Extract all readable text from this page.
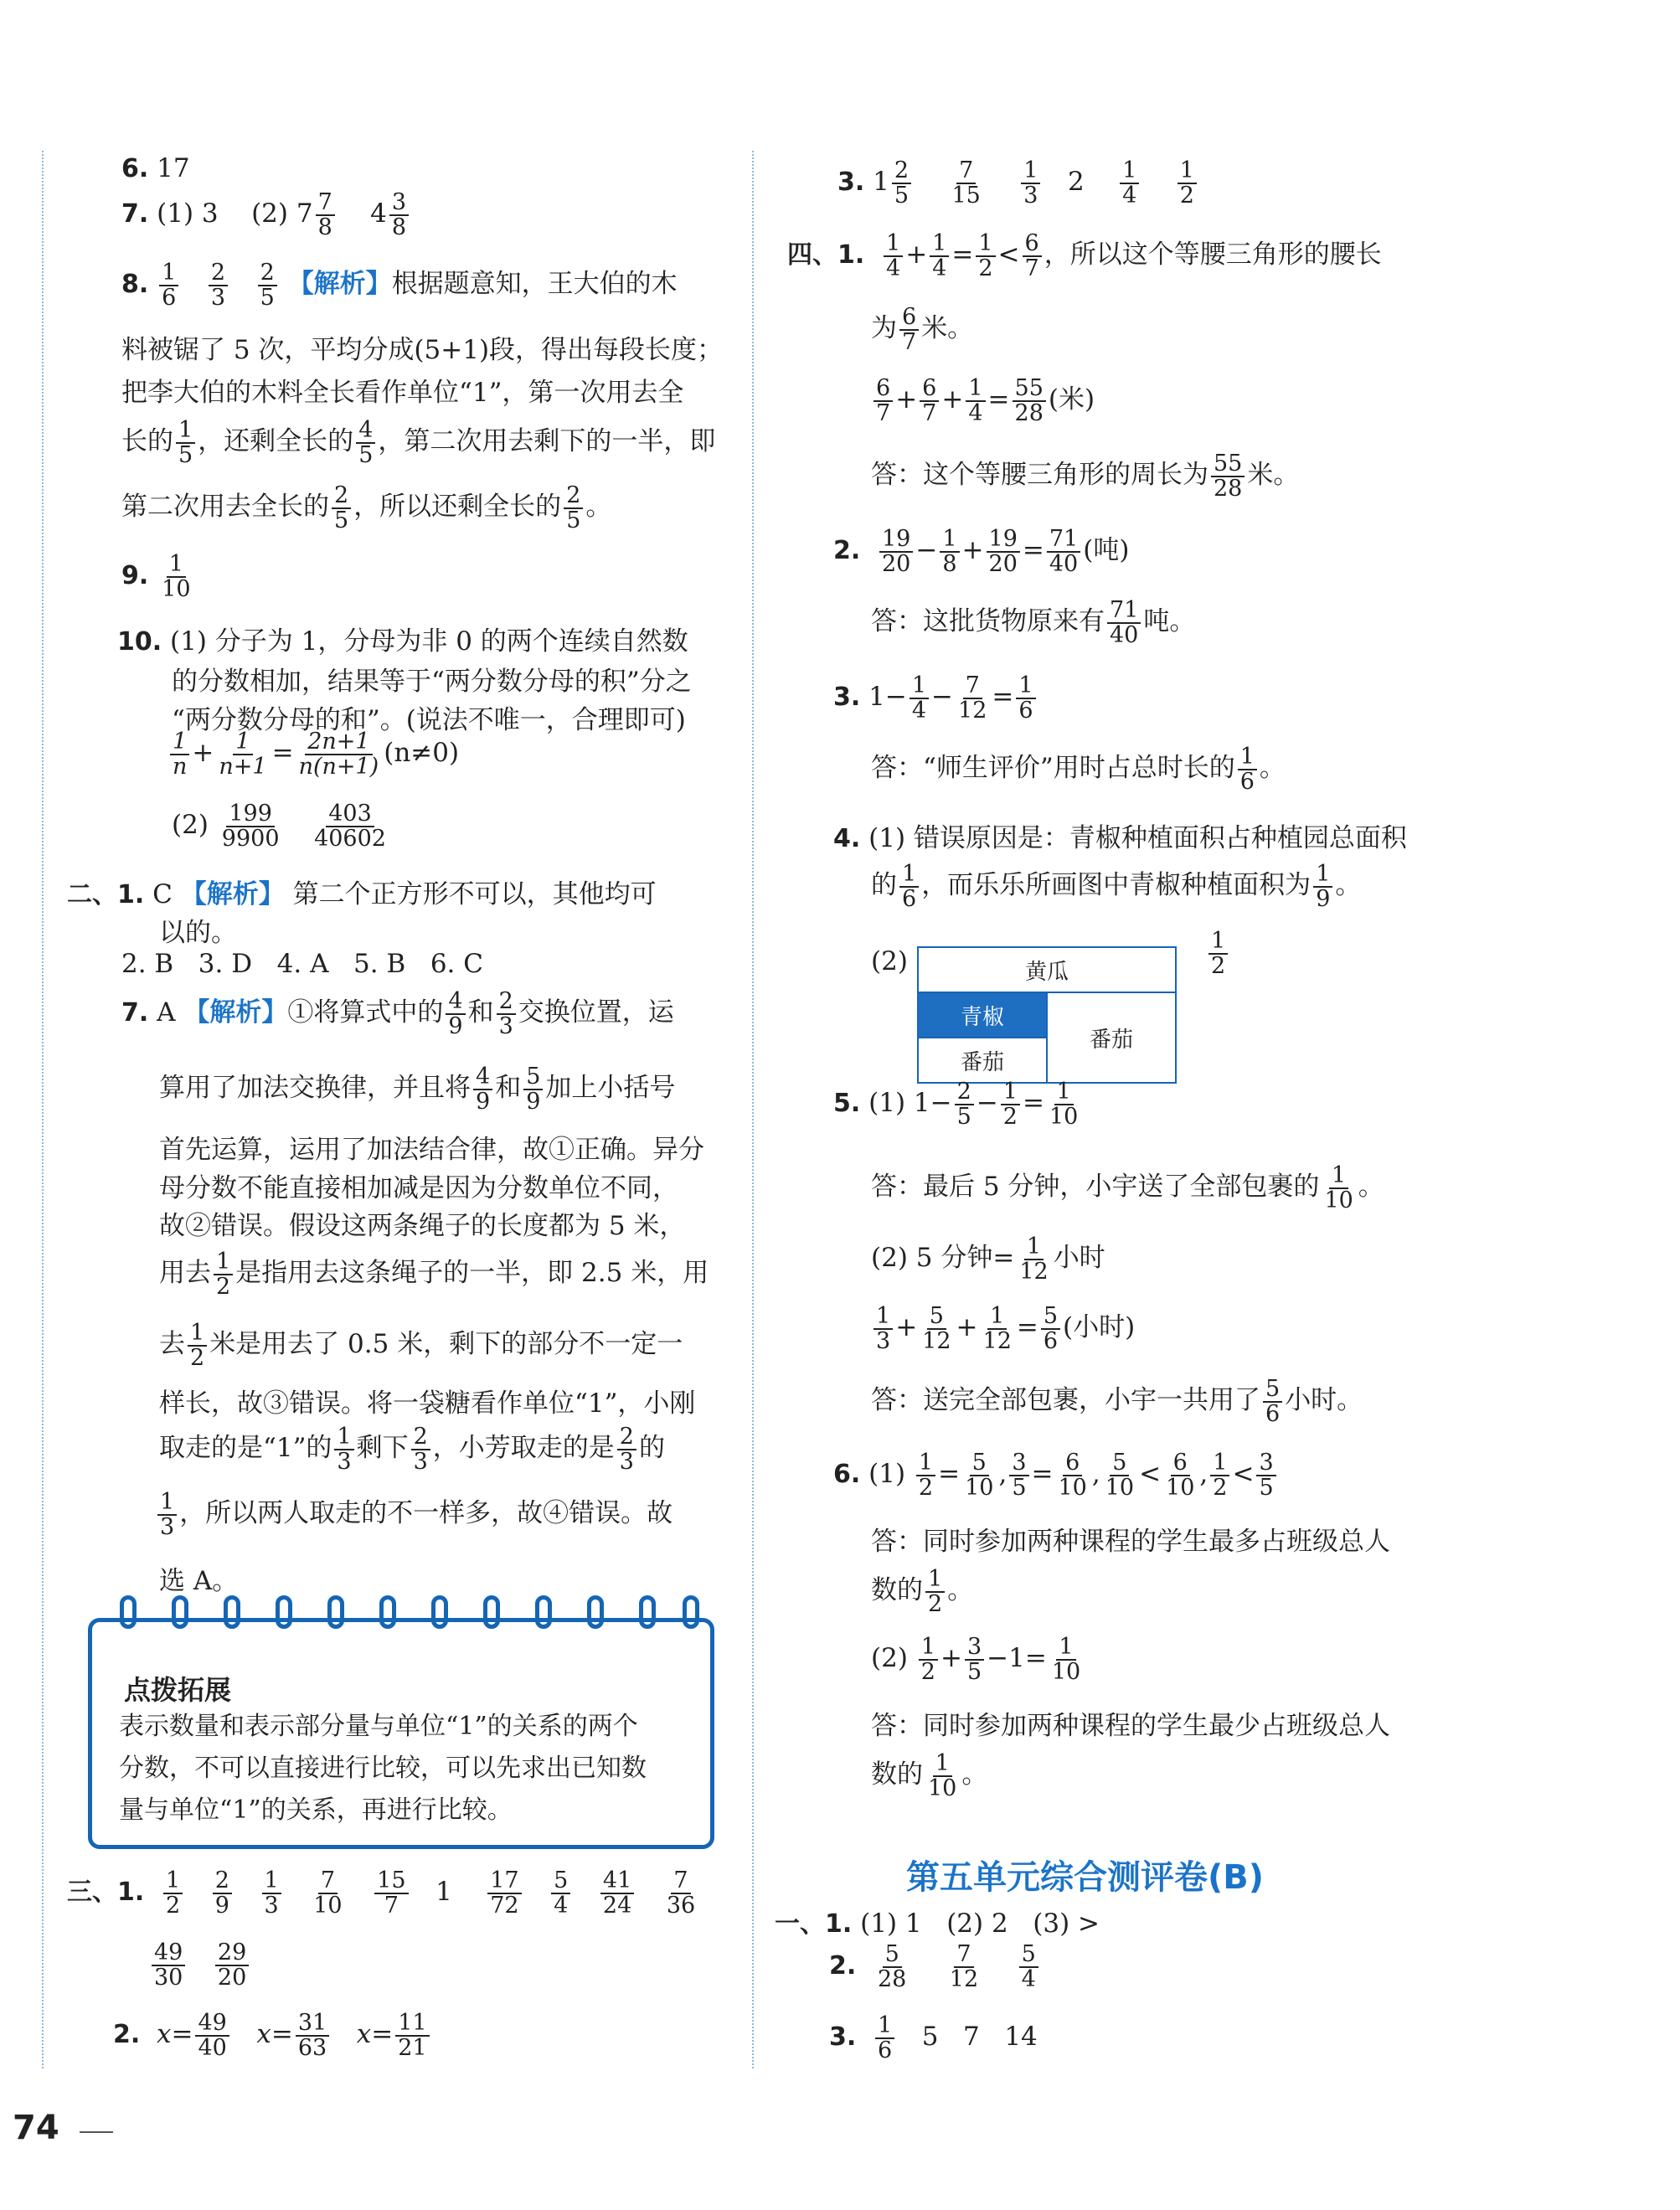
6. 17
7. (1) 3 (2) $7 \frac{7}{8} 4 \frac{3}{8}$
8. $\frac{1}{6}$
$\frac{2}{3}$
$\frac{2}{5}$ 【解析】根据题意知，王大伯的木
料被锯了 5 次，平均分成(5+1)段，得出每段长度；
把李大伯的木料全长看作单位“1”，第一次用去全
长的 $\frac{1}{5}$ ，还剩全长的 $\frac{4}{5}$ ，第二次用去剩下的一半，即
第二次用去全长的 $\frac{2}{5}$ ，所以还剩全长的 $\frac{2}{5}$ 。
9. $\frac{1}{10}$
10. (1) 分子为 1，分母为非 0 的两个连续自然数
的分数相加，结果等于“两分数分母的积”分之
“两分数分母的和”。(说法不唯一，合理即可)
$\frac{1}{n} + \frac{1}{n+1} = \frac{2n+1}{n(n+1)} (n\ne 0)$
$(2) \frac{199}{9900}$
$\frac{403}{40602}$
二、1. C 【解析】 第二个正方形不可以，其他均可
以的。
2. B 3. D 4. A 5. B 6. C
7. A 【解析】①将算式中的 $\frac{4}{9}$ 和 $\frac{2}{3}$ 交换位置，运
算用了加法交换律，并且将 $\frac{4}{9}$ 和 $\frac{5}{9}$ 加上小括号
首先运算，运用了加法结合律，故①正确。异分
母分数不能直接相加减是因为分数单位不同，
故②错误。假设这两条绳子的长度都为 5 米，
用去 $\frac{1}{2}$ 是指用去这条绳子的一半，即 2.5 米，用
去 $\frac{1}{2}$ 米是用去了 0.5 米，剩下的部分不一定一
样长，故③错误。将一袋糖看作单位“1”，小刚
取走的是“1”的 $\frac{1}{3}$ 剩下 $\frac{2}{3}$ ，小芳取走的是 $\frac{2}{3}$ 的
$\frac{1}{3}$ ，所以两人取走的不一样多，故④错误。故
选 A。
点拨拓展
表示数量和表示部分量与单位“1”的关系的两个
分数，不可以直接进行比较，可以先求出已知数
量与单位“1”的关系，再进行比较。
三、1. $\frac{1}{2}$
$\frac{2}{9}$
$\frac{1}{3}$
$\frac{7}{10}$
$\frac{15}{7} 1 \frac{17}{72}$
$\frac{5}{4}$
$\frac{41}{24}$
$\frac{7}{36}$
$\frac{49}{30}$
$\frac{29}{20}$
2. $x= \frac{49}{40} x= \frac{31}{63} x= \frac{11}{21}$
74
3. $1 \frac{2}{5}$
$\frac{7}{15}$
$\frac{1}{3} 2 \frac{1}{4}$
$\frac{1}{2}$
四、1. $\frac{1}{4} + \frac{1}{4} = \frac{1}{2} < \frac{6}{7}$ ，所以这个等腰三角形的腰长
为 $\frac{6}{7}$ 米。
$\frac{6}{7} + \frac{6}{7} + \frac{1}{4} = \frac{55}{28}$ (米)
答：这个等腰三角形的周长为 $\frac{55}{28}$ 米。
2. $\frac{19}{20} - \frac{1}{8} + \frac{19}{20} = \frac{71}{40}$ (吨)
答：这批货物原来有 $\frac{71}{40}$ 吨。
3. $1- \frac{1}{4} - \frac{7}{12} = \frac{1}{6}$
答：“师生评价”用时占总时长的 $\frac{1}{6}$ 。
4. (1) 错误原因是：青椒种植面积占种植园总面积
的 $\frac{1}{6}$ ，而乐乐所画图中青椒种植面积为 $\frac{1}{9}$ 。
(2)	黄瓜
青椒	番茄
番茄
$\frac{1}{2}$
5. (1) $1- \frac{2}{5} - \frac{1}{2} = \frac{1}{10}$
答：最后 5 分钟，小宇送了全部包裹的 $\frac{1}{10}$ 。
(2) 5 分钟= $\frac{1}{12}$ 小时
$\frac{1}{3} + \frac{5}{12} + \frac{1}{12} = \frac{5}{6}$ (小时)
答：送完全部包裹，小宇一共用了 $\frac{5}{6}$ 小时。
6. $(1) \frac{1}{2} = \frac{5}{10}$ , $\frac{3}{5} = \frac{6}{10}$ , $\frac{5}{10} < \frac{6}{10}$ , $\frac{1}{2} < \frac{3}{5}$
答：同时参加两种课程的学生最多占班级总人
数的 $\frac{1}{2}$ 。
$(2) \frac{1}{2} + \frac{3}{5} -1= \frac{1}{10}$
答：同时参加两种课程的学生最少占班级总人
数的 $\frac{1}{10}$ 。
第五单元综合测评卷(B)
一、1. (1) 1 (2) 2 (3) >
2. $\frac{5}{28}$
$\frac{7}{12}$
$\frac{5}{4}$
3. $\frac{1}{6} 5$   7   14
